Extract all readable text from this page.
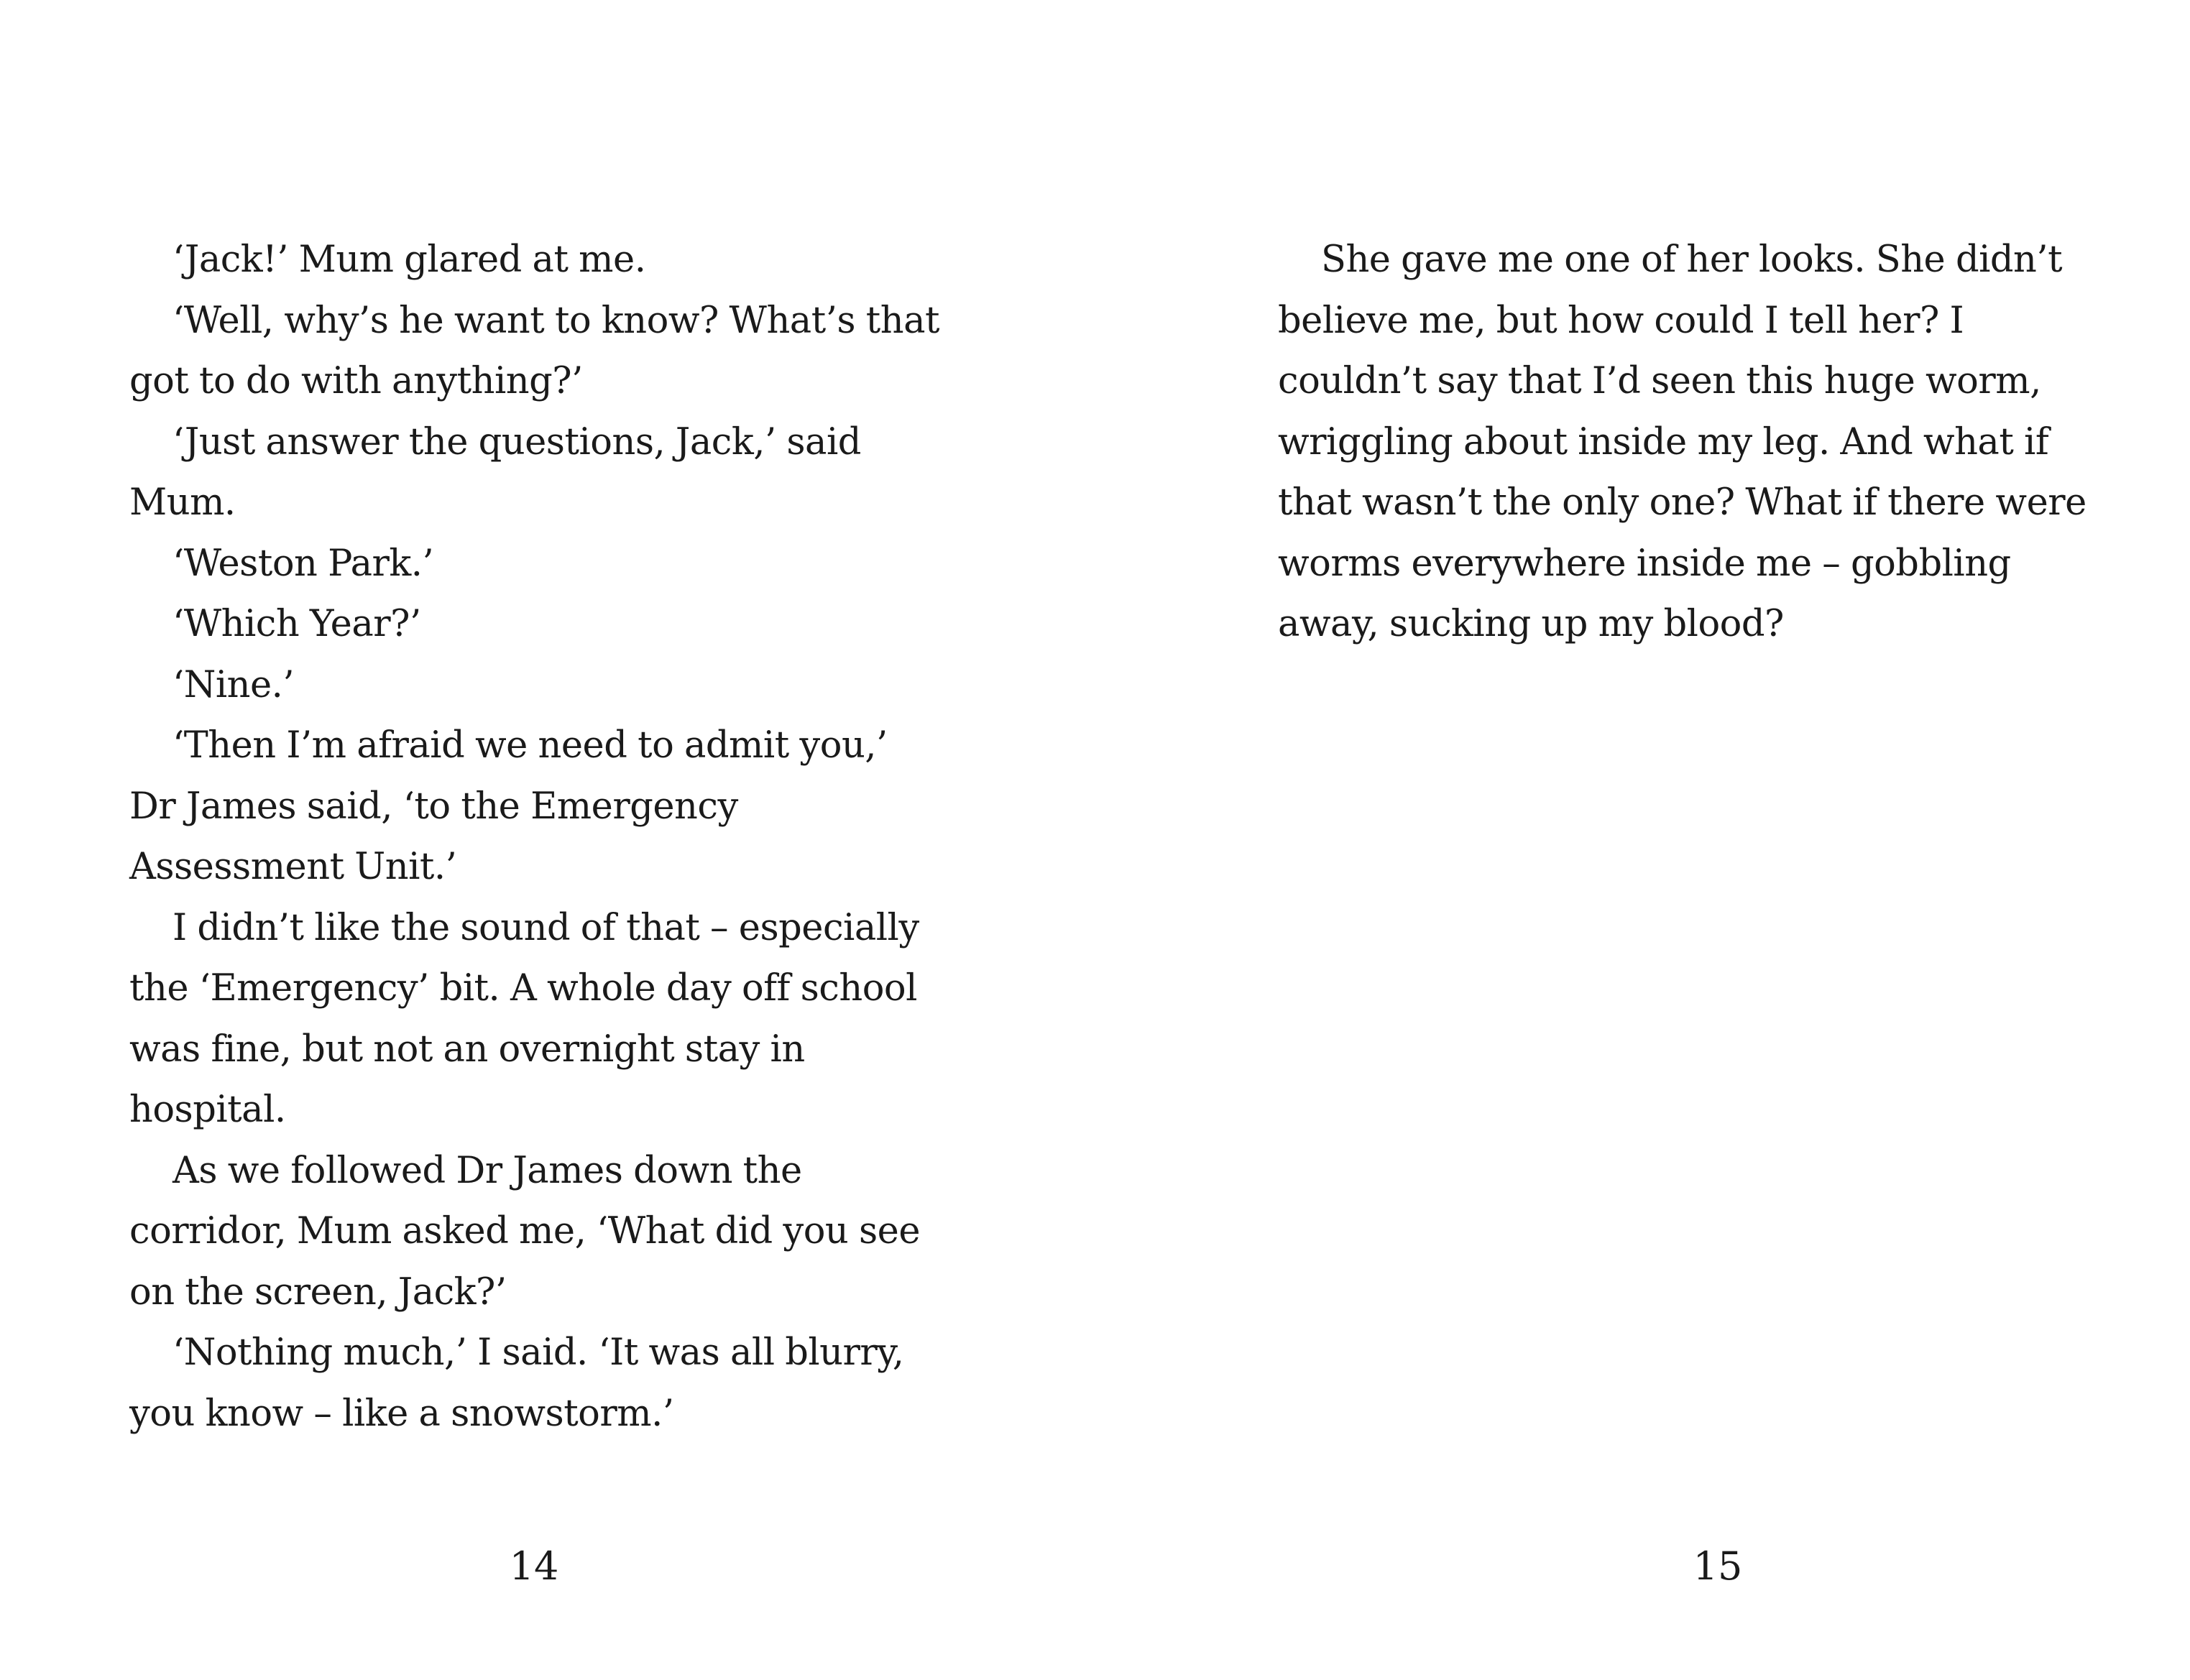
‘Jack!’ Mum glared at me.

‘Well, why’s he want to know? What’s that got to do with anything?’

‘Just answer the questions, Jack,’ said Mum.

‘Weston Park.’

‘Which Year?’

‘Nine.’

‘Then I’m afraid we need to admit you,’ Dr James said, ‘to the Emergency Assessment Unit.’

I didn’t like the sound of that – especially the ‘Emergency’ bit. A whole day off school was fine, but not an overnight stay in hospital.

As we followed Dr James down the corridor, Mum asked me, ‘What did you see on the screen, Jack?’

‘Nothing much,’ I said. ‘It was all blurry, you know – like a snowstorm.’

14

She gave me one of her looks. She didn’t believe me, but how could I tell her? I couldn’t say that I’d seen this huge worm, wriggling about inside my leg. And what if that wasn’t the only one? What if there were worms everywhere inside me – gobbling away, sucking up my blood?

15
